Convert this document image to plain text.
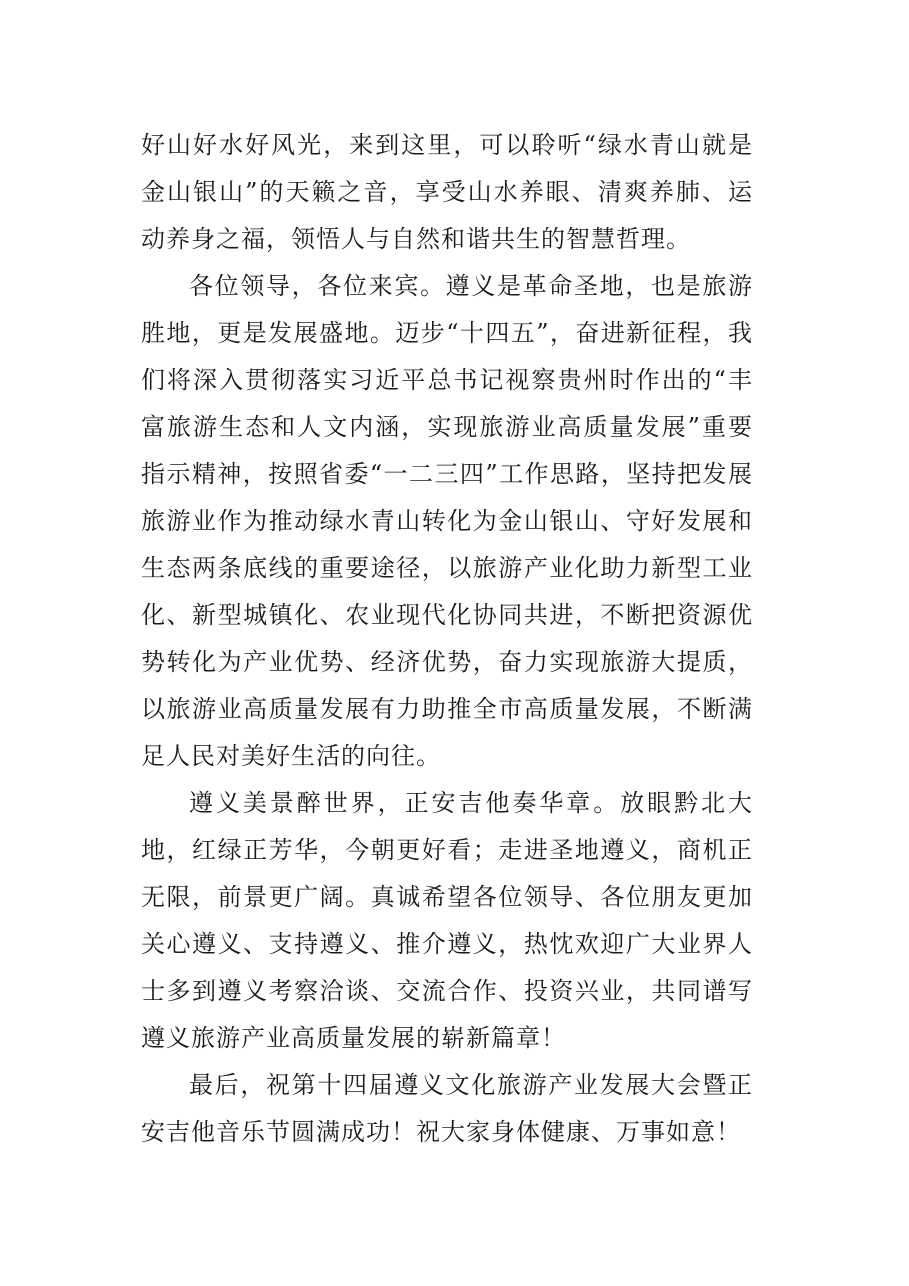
好山好水好风光，来到这里，可以聆听“绿水青山就是金山银山”的天籁之音，享受山水养眼、清爽养肺、运动养身之福，领悟人与自然和谐共生的智慧哲理。

各位领导，各位来宾。遵义是革命圣地，也是旅游胜地，更是发展盛地。迈步“十四五”，奋进新征程，我们将深入贯彻落实习近平总书记视察贵州时作出的“丰富旅游生态和人文内涵，实现旅游业高质量发展”重要指示精神，按照省委“一二三四”工作思路，坚持把发展旅游业作为推动绿水青山转化为金山银山、守好发展和生态两条底线的重要途径，以旅游产业化助力新型工业化、新型城镇化、农业现代化协同共进，不断把资源优势转化为产业优势、经济优势，奋力实现旅游大提质，以旅游业高质量发展有力助推全市高质量发展，不断满足人民对美好生活的向往。

遵义美景醉世界，正安吉他奏华章。放眼黔北大地，红绿正芳华，今朝更好看；走进圣地遵义，商机正无限，前景更广阔。真诚希望各位领导、各位朋友更加关心遵义、支持遵义、推介遵义，热忱欢迎广大业界人士多到遵义考察洽谈、交流合作、投资兴业，共同谱写遵义旅游产业高质量发展的崭新篇章！

最后，祝第十四届遵义文化旅游产业发展大会暨正安吉他音乐节圆满成功！祝大家身体健康、万事如意！
